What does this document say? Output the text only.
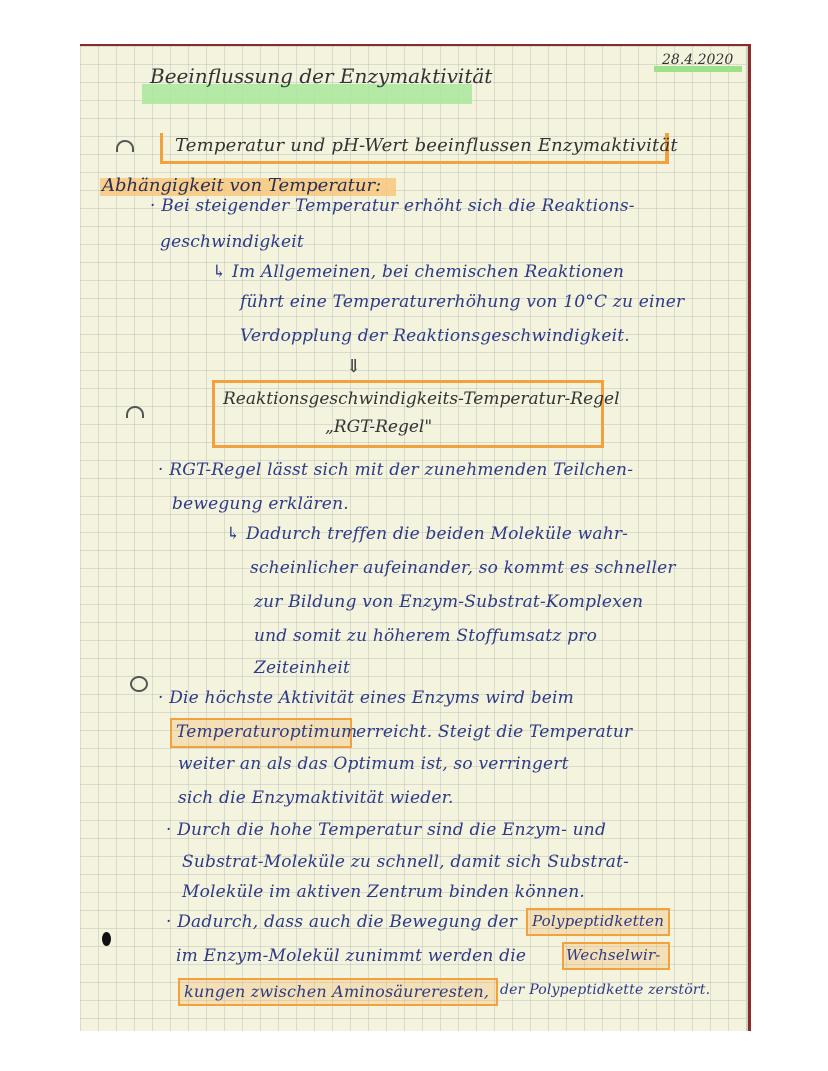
28.4.2020
Beeinflussung der Enzymaktivität
Temperatur und pH-Wert beeinflussen Enzymaktivität
Abhängigkeit von Temperatur:
· Bei steigender Temperatur erhöht sich die Reaktions-
geschwindigkeit
↳ Im Allgemeinen, bei chemischen Reaktionen
führt eine Temperaturerhöhung von 10°C zu einer
Verdopplung der Reaktionsgeschwindigkeit.
⇓
Reaktionsgeschwindigkeits-Temperatur-Regel
„RGT-Regel"
· RGT-Regel lässt sich mit der zunehmenden Teilchen-
bewegung erklären.
↳ Dadurch treffen die beiden Moleküle wahr-
scheinlicher aufeinander, so kommt es schneller
zur Bildung von Enzym-Substrat-Komplexen
und somit zu höherem Stoffumsatz pro
Zeiteinheit
· Die höchste Aktivität eines Enzyms wird beim
Temperaturoptimum
erreicht. Steigt die Temperatur
weiter an als das Optimum ist, so verringert
sich die Enzymaktivität wieder.
· Durch die hohe Temperatur sind die Enzym- und
Substrat-Moleküle zu schnell, damit sich Substrat-
Moleküle im aktiven Zentrum binden können.
· Dadurch, dass auch die Bewegung der Polypeptidketten
im Enzym-Molekül zunimmt werden die	Wechselwir-
kungen zwischen Aminosäureresten, der Polypeptidkette zerstört.
